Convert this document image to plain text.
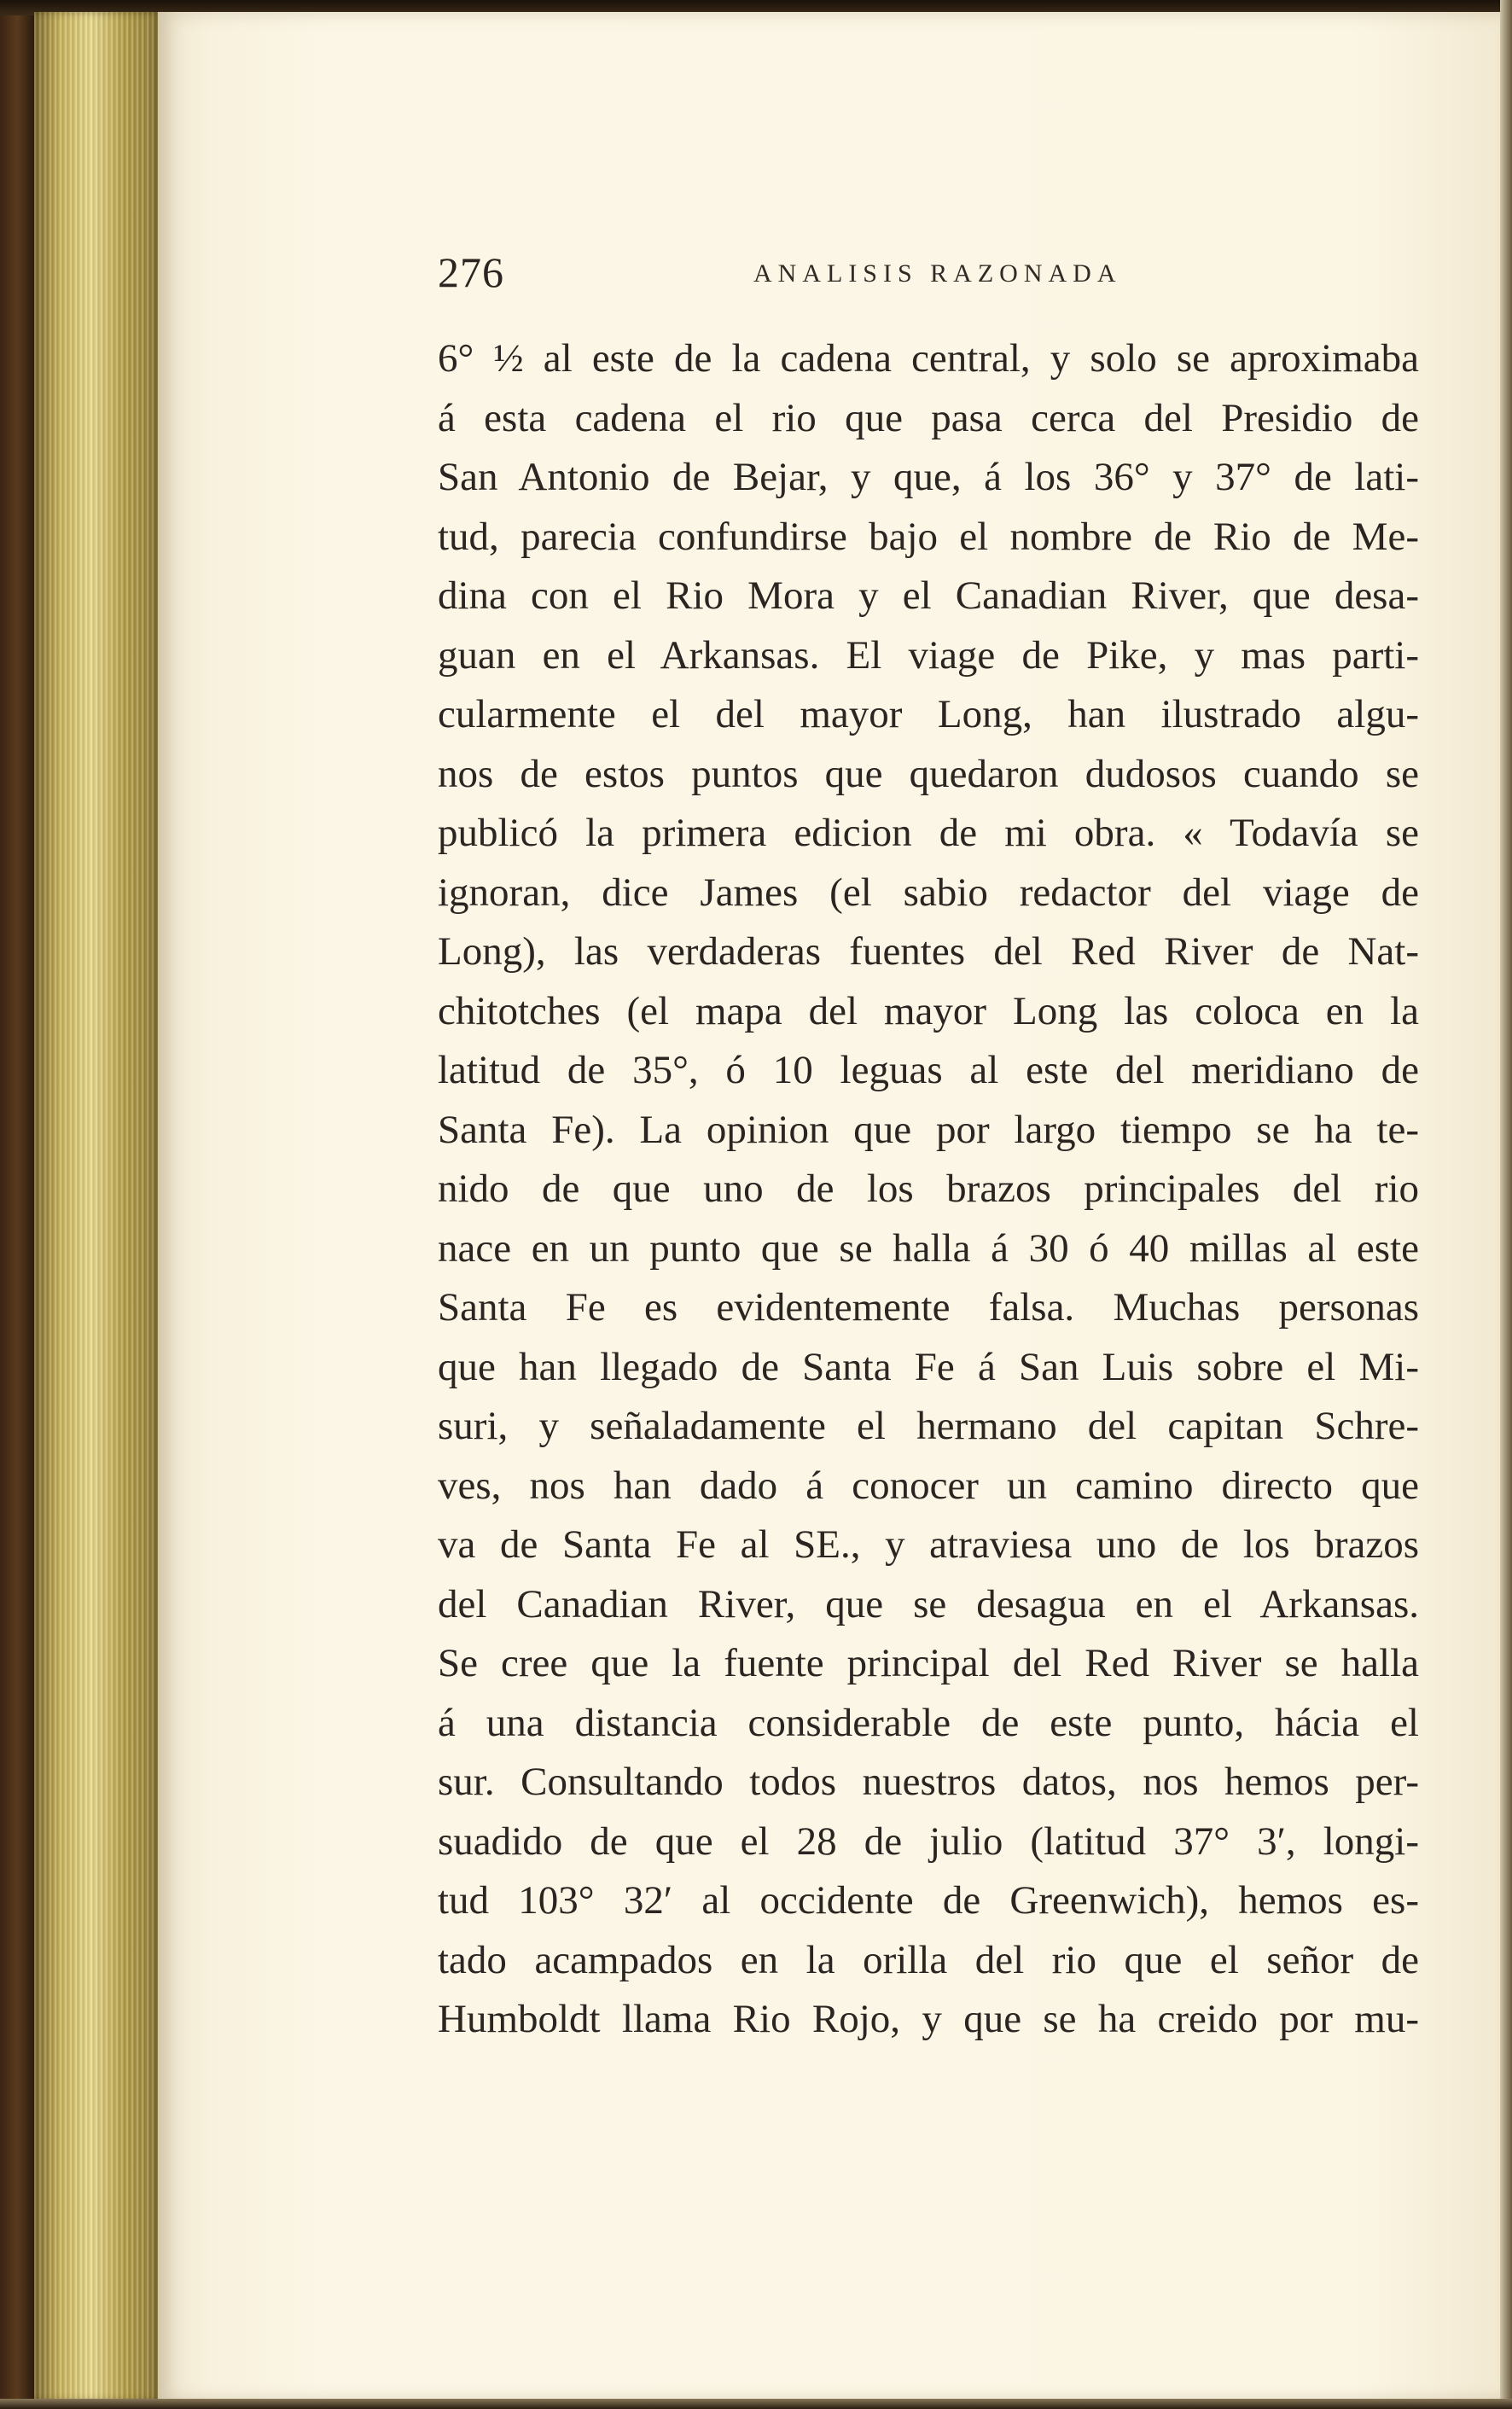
276	ANALISIS RAZONADA
6° ½ al este de la cadena central, y solo se aproximaba
á esta cadena el rio que pasa cerca del Presidio de
San Antonio de Bejar, y que, á los 36° y 37° de lati-
tud, parecia confundirse bajo el nombre de Rio de Me-
dina con el Rio Mora y el Canadian River, que desa-
guan en el Arkansas. El viage de Pike, y mas parti-
cularmente el del mayor Long, han ilustrado algu-
nos de estos puntos que quedaron dudosos cuando se
publicó la primera edicion de mi obra. « Todavía se
ignoran, dice James (el sabio redactor del viage de
Long), las verdaderas fuentes del Red River de Nat-
chitotches (el mapa del mayor Long las coloca en la
latitud de 35°, ó 10 leguas al este del meridiano de
Santa Fe). La opinion que por largo tiempo se ha te-
nido de que uno de los brazos principales del rio
nace en un punto que se halla á 30 ó 40 millas al este
Santa Fe es evidentemente falsa. Muchas personas
que han llegado de Santa Fe á San Luis sobre el Mi-
suri, y señaladamente el hermano del capitan Schre-
ves, nos han dado á conocer un camino directo que
va de Santa Fe al SE., y atraviesa uno de los brazos
del Canadian River, que se desagua en el Arkansas.
Se cree que la fuente principal del Red River se halla
á una distancia considerable de este punto, hácia el
sur. Consultando todos nuestros datos, nos hemos per-
suadido de que el 28 de julio (latitud 37° 3′, longi-
tud 103° 32′ al occidente de Greenwich), hemos es-
tado acampados en la orilla del rio que el señor de
Humboldt llama Rio Rojo, y que se ha creido por mu-
